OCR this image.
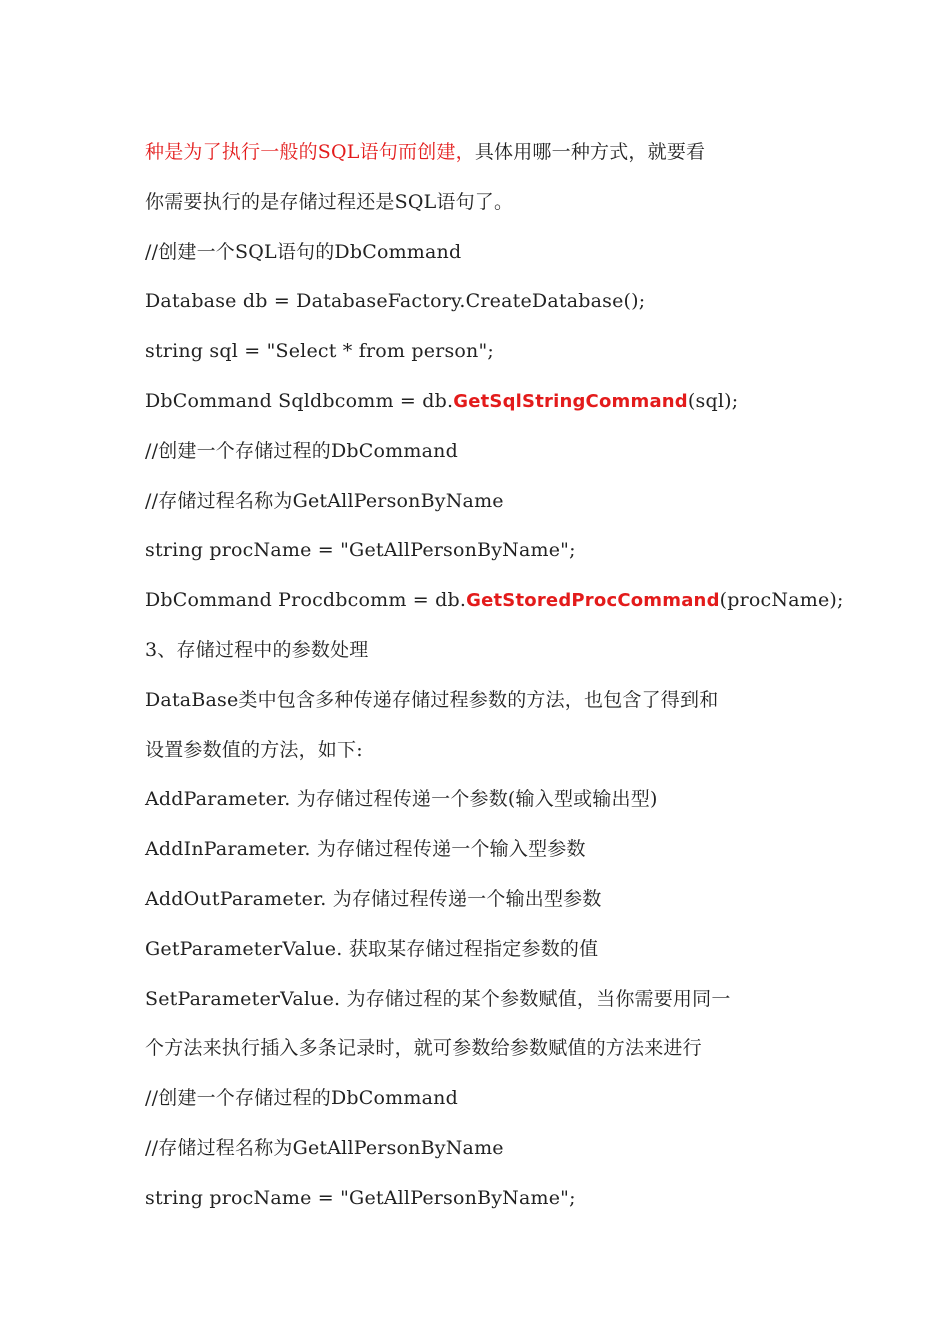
种是为了执行一般的SQL语句而创建，具体用哪一种方式，就要看
你需要执行的是存储过程还是SQL语句了。
//创建一个SQL语句的DbCommand
Database db = DatabaseFactory.CreateDatabase();
string sql = "Select * from person";
DbCommand Sqldbcomm = db.GetSqlStringCommand(sql);
//创建一个存储过程的DbCommand
//存储过程名称为GetAllPersonByName
string procName = "GetAllPersonByName";
DbCommand Procdbcomm = db.GetStoredProcCommand(procName);
3、存储过程中的参数处理
DataBase类中包含多种传递存储过程参数的方法，也包含了得到和
设置参数值的方法，如下:
AddParameter. 为存储过程传递一个参数(输入型或输出型)
AddInParameter. 为存储过程传递一个输入型参数
AddOutParameter. 为存储过程传递一个输出型参数
GetParameterValue. 获取某存储过程指定参数的值
SetParameterValue. 为存储过程的某个参数赋值，当你需要用同一
个方法来执行插入多条记录时，就可参数给参数赋值的方法来进行
//创建一个存储过程的DbCommand
//存储过程名称为GetAllPersonByName
string procName = "GetAllPersonByName";
